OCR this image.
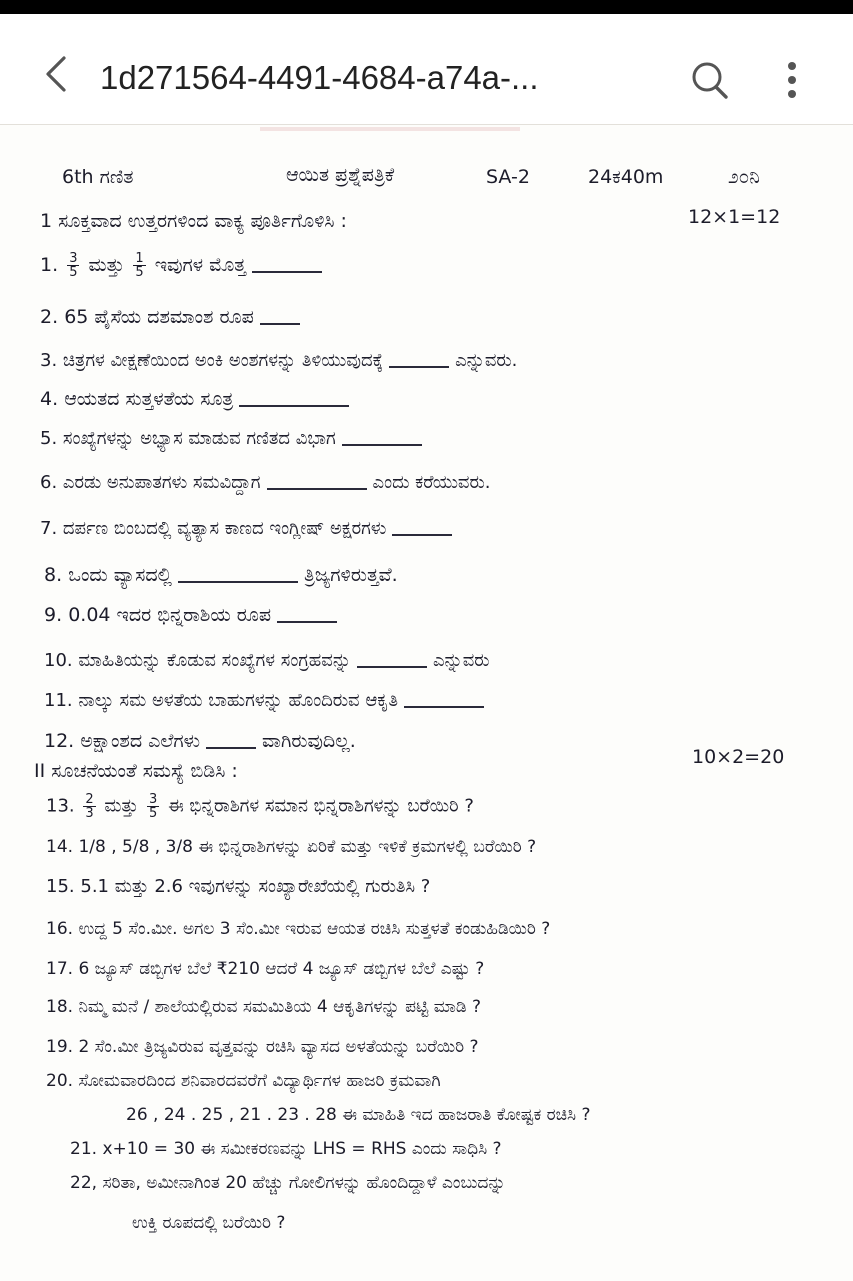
1d271564-4491-4684-a74a-...
6th ಗಣಿತ	ಆಯಿತ ಪ್ರಶ್ನೆಪತ್ರಿಕೆ	SA-2	24ಕ40m	೨೦ನಿ
1 ಸೂಕ್ತವಾದ ಉತ್ತರಗಳಿಂದ ವಾಕ್ಯ ಪೂರ್ತಿಗೊಳಿಸಿ :	12×1=12
1. $\frac{3}{5}$ ಮತ್ತು $\frac{1}{5}$ ಇವುಗಳ ಮೊತ್ತ
2. 65 ಪೈಸೆಯ ದಶಮಾಂಶ ರೂಪ
3. ಚಿತ್ರಗಳ ವೀಕ್ಷಣೆಯಿಂದ ಅಂಕಿ ಅಂಶಗಳನ್ನು ತಿಳಿಯುವುದಕ್ಕೆ	ಎನ್ನುವರು.
4. ಆಯತದ ಸುತ್ತಳತೆಯ ಸೂತ್ರ
5. ಸಂಖ್ಯೆಗಳನ್ನು ಅಭ್ಯಾಸ ಮಾಡುವ ಗಣಿತದ ವಿಭಾಗ
6. ಎರಡು ಅನುಪಾತಗಳು ಸಮವಿದ್ದಾಗ	ಎಂದು ಕರೆಯುವರು.
7. ದರ್ಪಣ ಬಿಂಬದಲ್ಲಿ ವ್ಯತ್ಯಾಸ ಕಾಣದ ಇಂಗ್ಲೀಷ್ ಅಕ್ಷರಗಳು
8. ಒಂದು ವ್ಯಾಸದಲ್ಲಿ	ತ್ರಿಜ್ಯಗಳಿರುತ್ತವೆ.
9. 0.04 ಇದರ ಭಿನ್ನರಾಶಿಯ ರೂಪ
10. ಮಾಹಿತಿಯನ್ನು ಕೊಡುವ ಸಂಖ್ಯೆಗಳ ಸಂಗ್ರಹವನ್ನು	ಎನ್ನುವರು
11. ನಾಲ್ಕು ಸಮ ಅಳತೆಯ ಬಾಹುಗಳನ್ನು ಹೊಂದಿರುವ ಆಕೃತಿ
12. ಅಕ್ಷಾಂಶದ ಎಲೆಗಳು	ವಾಗಿರುವುದಿಲ್ಲ.
II ಸೂಚನೆಯಂತೆ ಸಮಸ್ಯೆ ಬಿಡಿಸಿ :
10×2=20
13. $\frac{2}{3}$ ಮತ್ತು $\frac{3}{5}$ ಈ ಭಿನ್ನರಾಶಿಗಳ ಸಮಾನ ಭಿನ್ನರಾಶಿಗಳನ್ನು ಬರೆಯಿರಿ ?
14. 1/8 , 5/8 , 3/8 ಈ ಭಿನ್ನರಾಶಿಗಳನ್ನು ಏರಿಕೆ ಮತ್ತು ಇಳಿಕೆ ಕ್ರಮಗಳಲ್ಲಿ ಬರೆಯಿರಿ ?
15. 5.1 ಮತ್ತು 2.6 ಇವುಗಳನ್ನು ಸಂಖ್ಯಾರೇಖೆಯಲ್ಲಿ ಗುರುತಿಸಿ ?
16. ಉದ್ದ 5 ಸೆಂ.ಮೀ. ಅಗಲ 3 ಸೆಂ.ಮೀ ಇರುವ ಆಯತ ರಚಿಸಿ ಸುತ್ತಳತೆ ಕಂಡುಹಿಡಿಯಿರಿ ?
17. 6 ಜ್ಯೂಸ್ ಡಬ್ಬಿಗಳ ಬೆಲೆ ₹210 ಆದರೆ 4 ಜ್ಯೂಸ್ ಡಬ್ಬಿಗಳ ಬೆಲೆ ಎಷ್ಟು ?
18. ನಿಮ್ಮ ಮನೆ / ಶಾಲೆಯಲ್ಲಿರುವ ಸಮಮಿತಿಯ 4 ಆಕೃತಿಗಳನ್ನು ಪಟ್ಟಿ ಮಾಡಿ ?
19. 2 ಸೆಂ.ಮೀ ತ್ರಿಜ್ಯವಿರುವ ವೃತ್ತವನ್ನು ರಚಿಸಿ ವ್ಯಾಸದ ಅಳತೆಯನ್ನು ಬರೆಯಿರಿ ?
20. ಸೋಮವಾರದಿಂದ ಶನಿವಾರದವರೆಗೆ ವಿದ್ಯಾರ್ಥಿಗಳ ಹಾಜರಿ ಕ್ರಮವಾಗಿ
26 , 24 . 25 , 21 . 23 . 28 ಈ ಮಾಹಿತಿ ಇದ ಹಾಜರಾತಿ ಕೋಷ್ಟಕ ರಚಿಸಿ ?
21. x+10 = 30 ಈ ಸಮೀಕರಣವನ್ನು LHS = RHS ಎಂದು ಸಾಧಿಸಿ ?
22, ಸರಿತಾ, ಅಮೀನಾಗಿಂತ 20 ಹೆಚ್ಚು ಗೋಲಿಗಳನ್ನು ಹೊಂದಿದ್ದಾಳೆ ಎಂಬುದನ್ನು
ಉಕ್ತಿ ರೂಪದಲ್ಲಿ ಬರೆಯಿರಿ ?
